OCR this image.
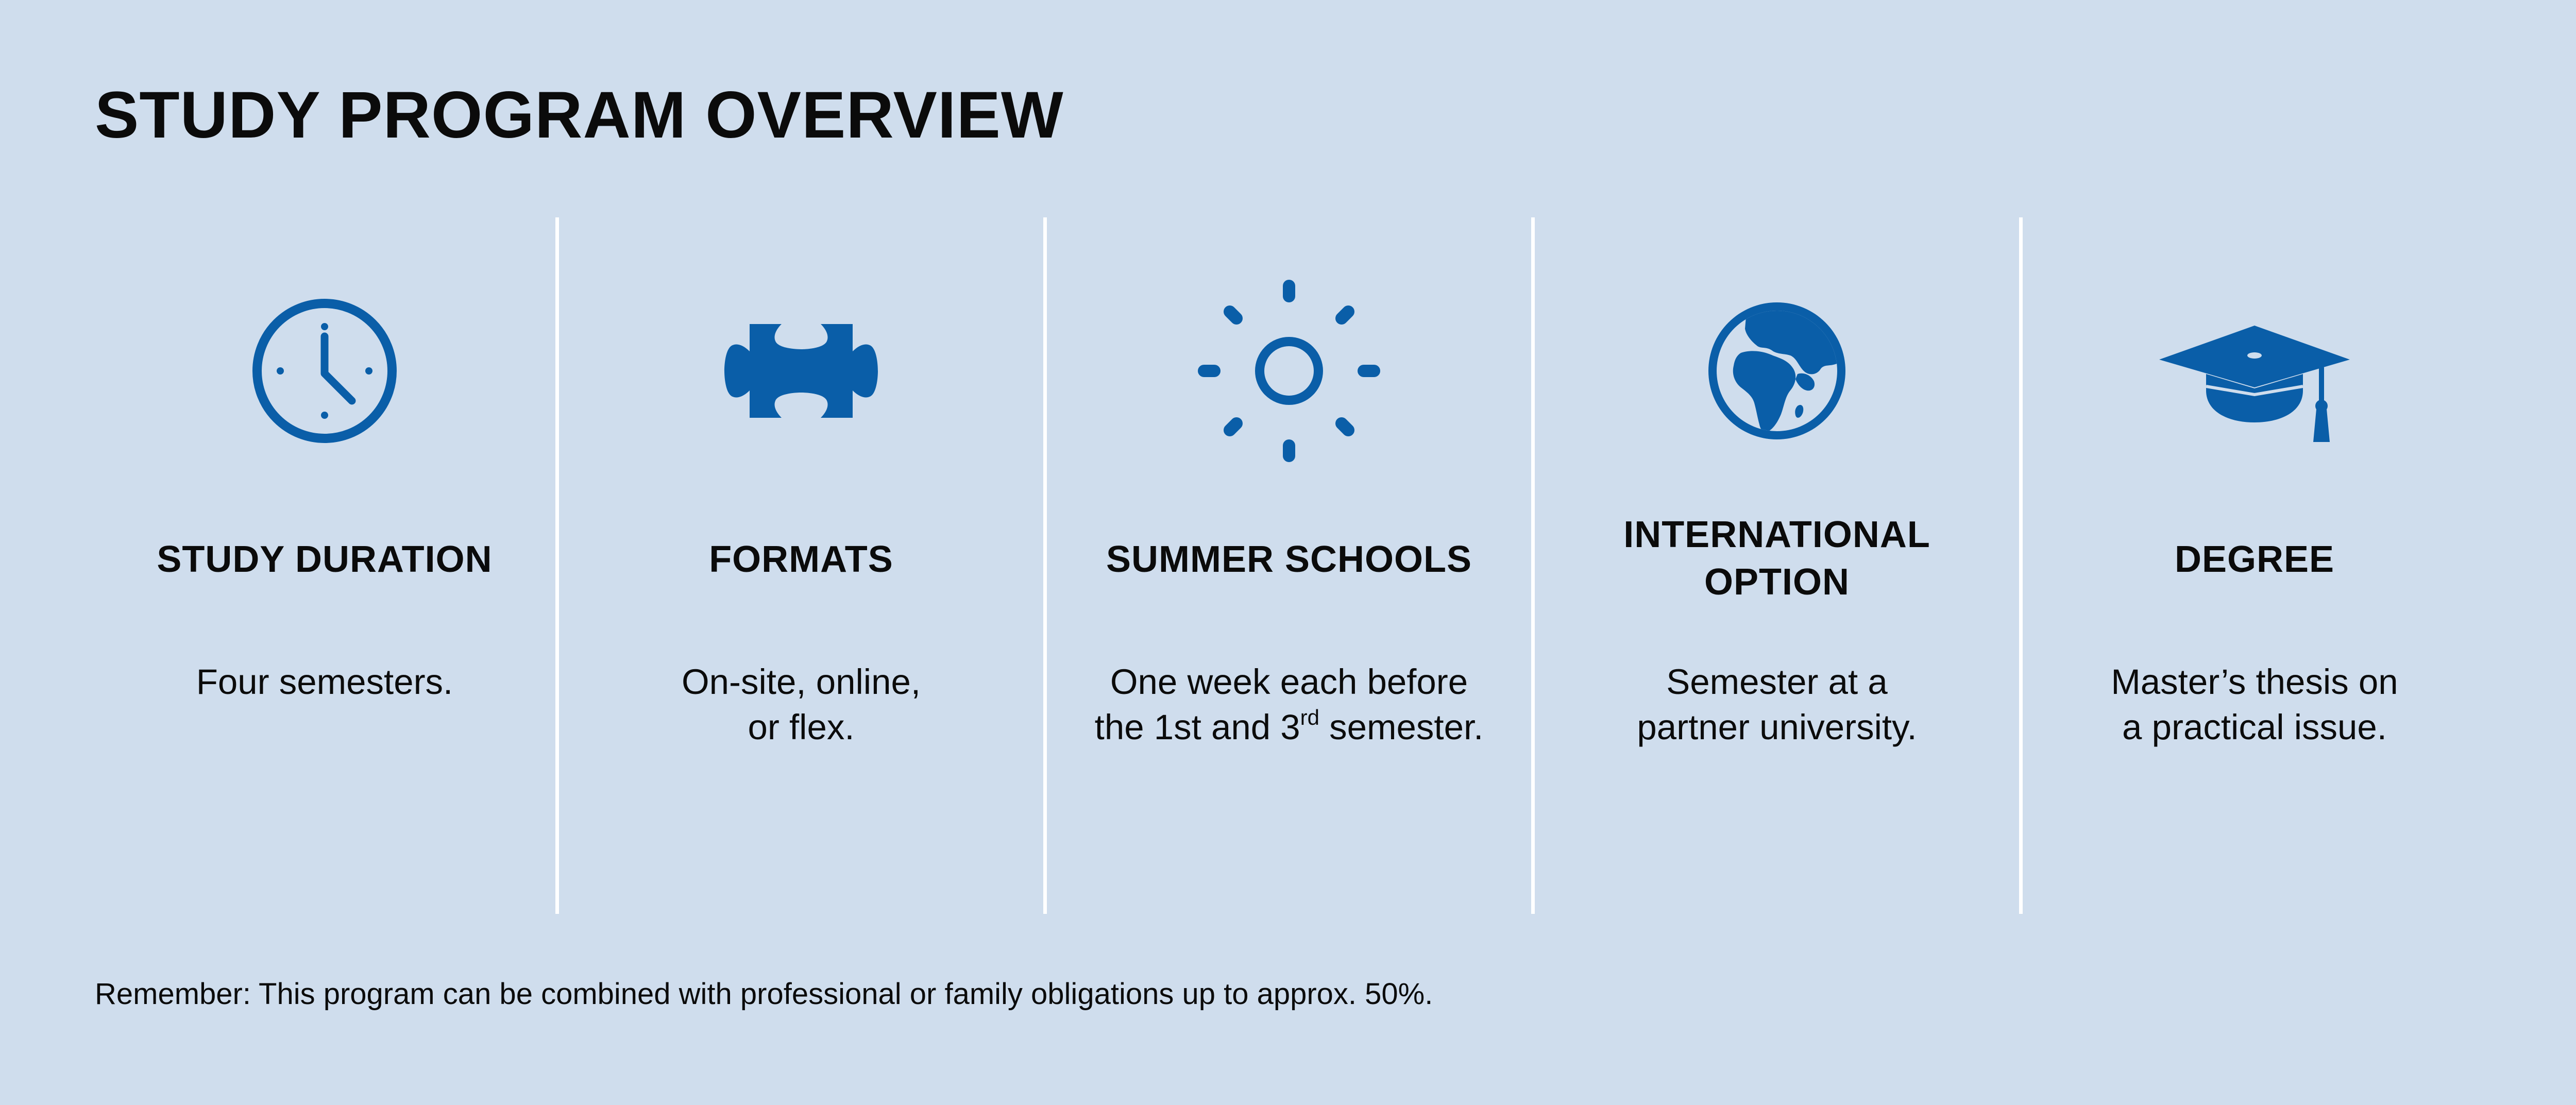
STUDY PROGRAM OVERVIEW
STUDY DURATION
Four semesters.
FORMATS
On-site, online,
or flex.
SUMMER SCHOOLS
One week each before
the 1st and 3rd semester.
INTERNATIONAL
OPTION
Semester at a
partner university.
DEGREE
Master’s thesis on
a practical issue.
Remember: This program can be combined with professional or family obligations up to approx. 50%.
